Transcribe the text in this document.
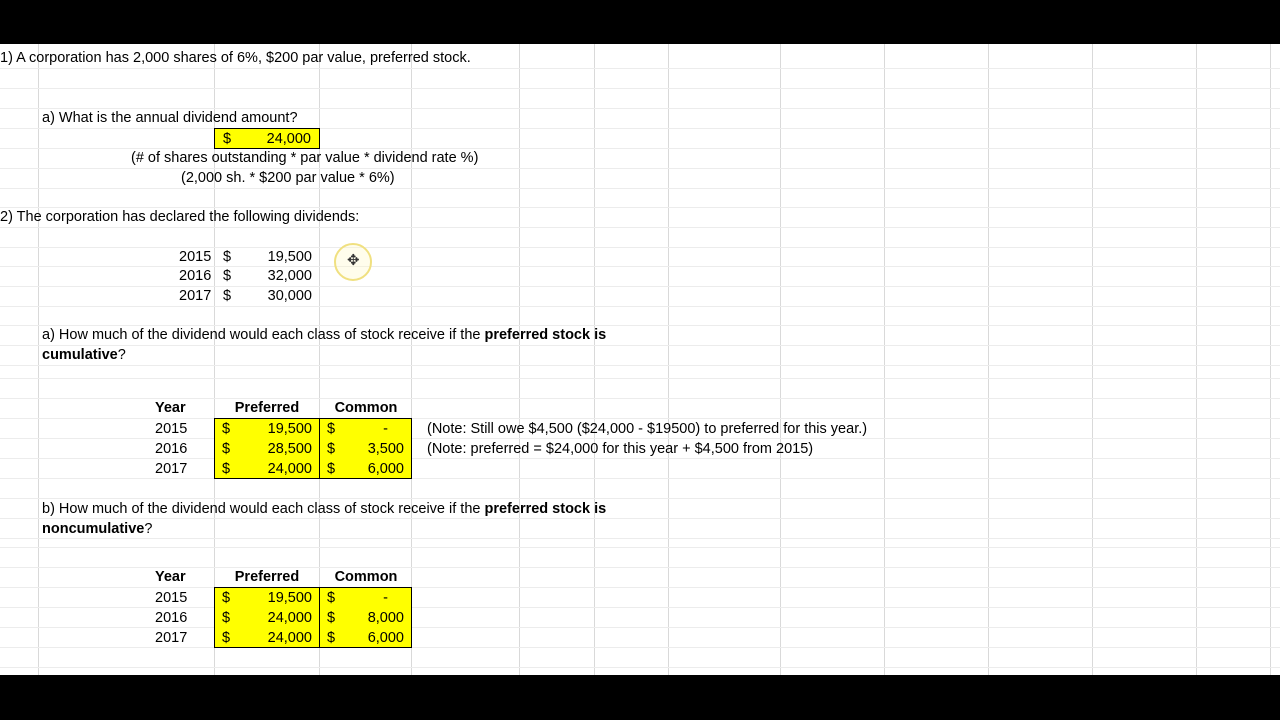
1) A corporation has 2,000 shares of 6%, $200 par value, preferred stock.
a) What is the annual dividend amount?
$ 24,000
(# of shares outstanding * par value * dividend rate %)
(2,000 sh. * $200 par value * 6%)
2) The corporation has declared the following dividends:
2015 $	19,500
2016 $	32,000
2017 $	30,000
✥
a) How much of the dividend would each class of stock receive if the preferred stock is
cumulative?
Year	Preferred	Common
2015 $	19,500 $	-	(Note: Still owe $4,500 ($24,000 - $19500) to preferred for this year.)
2016 $	28,500 $ 3,500 (Note: preferred = $24,000 for this year + $4,500 from 2015)
2017 $	24,000 $ 6,000
b) How much of the dividend would each class of stock receive if the preferred stock is
noncumulative?
Year	Preferred	Common
2015 $	19,500 $	-
2016 $	24,000 $ 8,000
2017 $	24,000 $ 6,000
